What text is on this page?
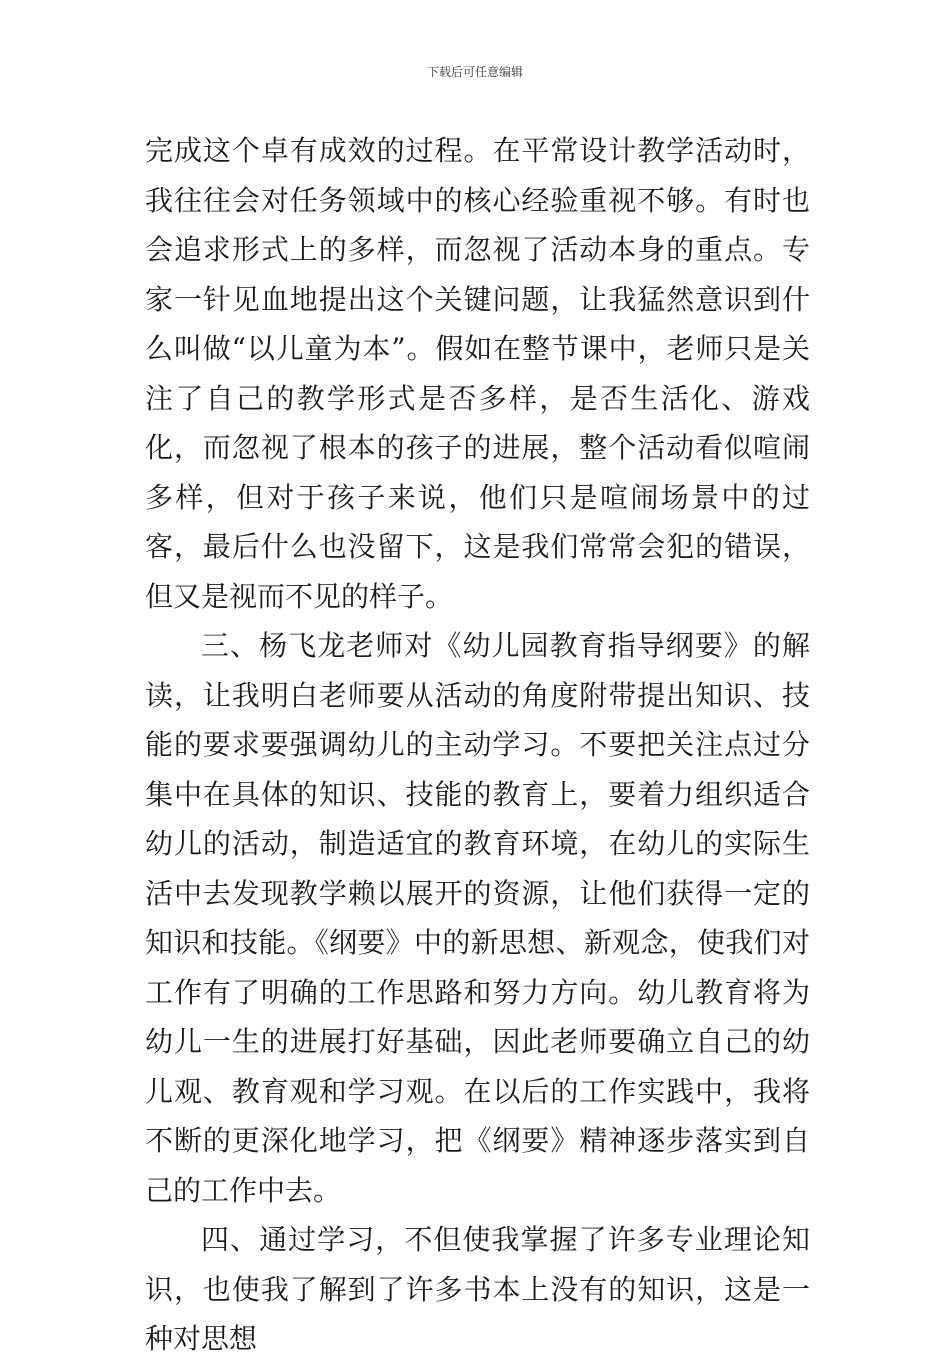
下载后可任意编辑

完成这个卓有成效的过程。在平常设计教学活动时，我往往会对任务领域中的核心经验重视不够。有时也会追求形式上的多样，而忽视了活动本身的重点。专家一针见血地提出这个关键问题，让我猛然意识到什么叫做“以儿童为本”。假如在整节课中，老师只是关注了自己的教学形式是否多样，是否生活化、游戏化，而忽视了根本的孩子的进展，整个活动看似喧闹多样，但对于孩子来说，他们只是喧闹场景中的过客，最后什么也没留下，这是我们常常会犯的错误，但又是视而不见的样子。

三、杨飞龙老师对《幼儿园教育指导纲要》的解读，让我明白老师要从活动的角度附带提出知识、技能的要求要强调幼儿的主动学习。不要把关注点过分集中在具体的知识、技能的教育上，要着力组织适合幼儿的活动，制造适宜的教育环境，在幼儿的实际生活中去发现教学赖以展开的资源，让他们获得一定的知识和技能。《纲要》中的新思想、新观念，使我们对工作有了明确的工作思路和努力方向。幼儿教育将为幼儿一生的进展打好基础，因此老师要确立自己的幼儿观、教育观和学习观。在以后的工作实践中，我将不断的更深化地学习，把《纲要》精神逐步落实到自己的工作中去。

四、通过学习，不但使我掌握了许多专业理论知识，也使我了解到了许多书本上没有的知识，这是一种对思想
